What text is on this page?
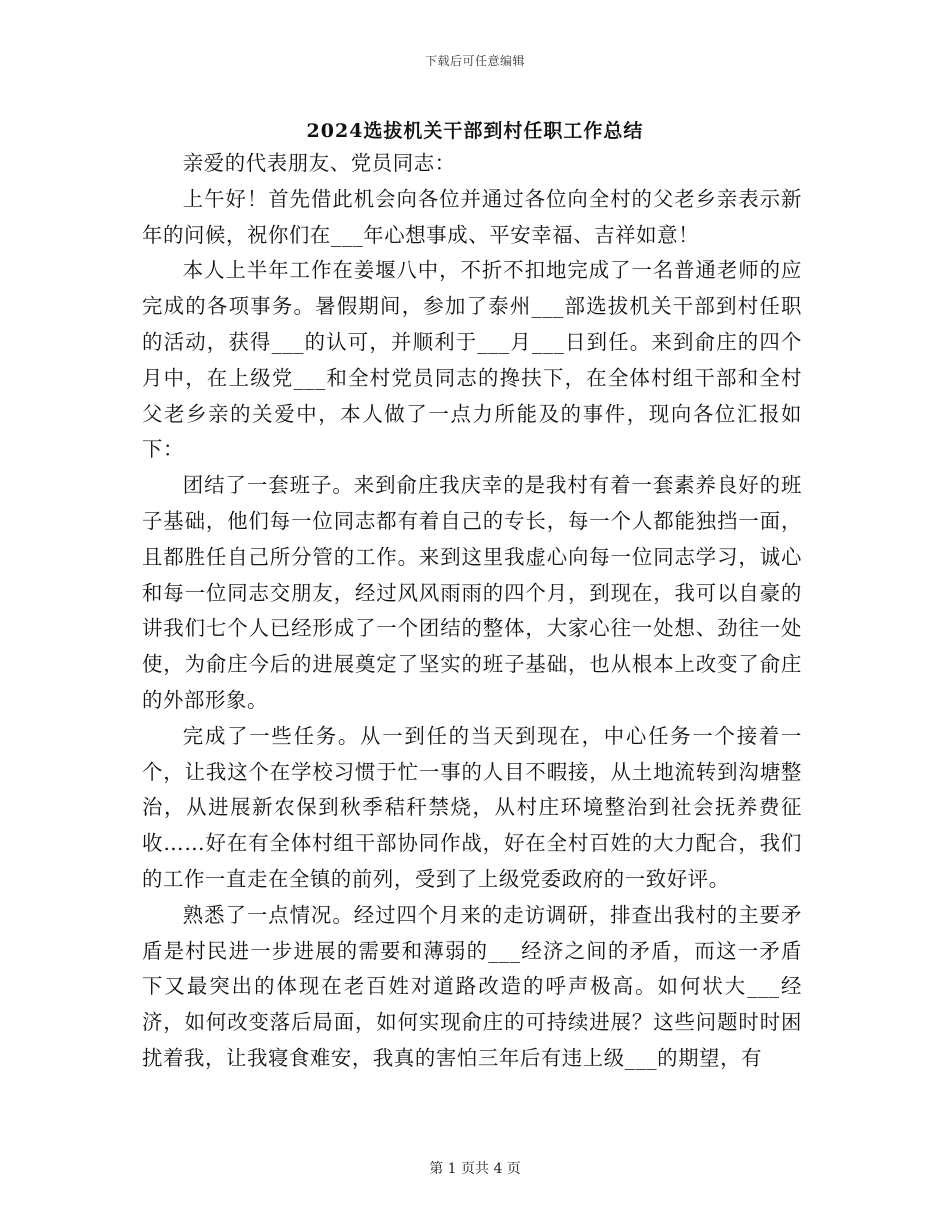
下载后可任意编辑
2024选拔机关干部到村任职工作总结

亲爱的代表朋友、党员同志：

上午好！首先借此机会向各位并通过各位向全村的父老乡亲表示新年的问候，祝你们在___年心想事成、平安幸福、吉祥如意！

本人上半年工作在姜堰八中，不折不扣地完成了一名普通老师的应完成的各项事务。暑假期间，参加了泰州___部选拔机关干部到村任职的活动，获得___的认可，并顺利于___月___日到任。来到俞庄的四个月中，在上级党___和全村党员同志的搀扶下，在全体村组干部和全村父老乡亲的关爱中，本人做了一点力所能及的事件，现向各位汇报如下：

团结了一套班子。来到俞庄我庆幸的是我村有着一套素养良好的班子基础，他们每一位同志都有着自己的专长，每一个人都能独挡一面，且都胜任自己所分管的工作。来到这里我虚心向每一位同志学习，诚心和每一位同志交朋友，经过风风雨雨的四个月，到现在，我可以自豪的讲我们七个人已经形成了一个团结的整体，大家心往一处想、劲往一处使，为俞庄今后的进展奠定了坚实的班子基础，也从根本上改变了俞庄的外部形象。

完成了一些任务。从一到任的当天到现在，中心任务一个接着一个，让我这个在学校习惯于忙一事的人目不暇接，从土地流转到沟塘整治，从进展新农保到秋季秸秆禁烧，从村庄环境整治到社会抚养费征收……好在有全体村组干部协同作战，好在全村百姓的大力配合，我们的工作一直走在全镇的前列，受到了上级党委政府的一致好评。

熟悉了一点情况。经过四个月来的走访调研，排查出我村的主要矛盾是村民进一步进展的需要和薄弱的___经济之间的矛盾，而这一矛盾下又最突出的体现在老百姓对道路改造的呼声极高。如何状大___经济，如何改变落后局面，如何实现俞庄的可持续进展？这些问题时时困扰着我，让我寝食难安，我真的害怕三年后有违上级___的期望，有

第 1 页共 4 页
